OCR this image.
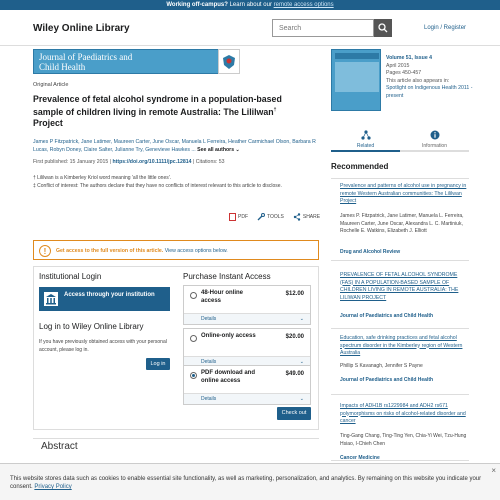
Working off-campus? Learn about our remote access options
Wiley Online Library	Search	Login / Register
Journal of Paediatrics and
Child Health
Original Article
Prevalence of fetal alcohol syndrome in a population-based sample of children living in remote Australia: The Lililwan† Project
James P Fitzpatrick, Jane Latimer, Maureen Carter, June Oscar, Manuela L Ferreira, Heather Carmichael Olson, Barbara R Lucas, Robyn Doney, Claire Salter, Julianne Try, Genevieve Hawkes ... See all authors ⌄
First published: 15 January 2015 | https://doi.org/10.1111/jpc.12814 | Citations: 53
† Lililwan is a Kimberley Kriol word meaning 'all the little ones'.
‡ Conflict of interest: The authors declare that they have no conflicts of interest relevant to this article to disclose.
PDF	TOOLS	SHARE
!	Get access to the full version of this article. View access options below.
Institutional Login
Access through your institution
Log in to Wiley Online Library
If you have previously obtained access with your personal account, please log in.
Log in
Purchase Instant Access
48-Hour online access
$12.00
Details	⌄
Online-only access	$20.00
Details	⌄
PDF download and online access
$49.00
Details	⌄
Check out
Abstract
Volume 51, Issue 4
April 2015
Pages 450-457
This article also appears in:
Spotlight on Indigenous Health 2011 - present
Related	Information
Recommended
Prevalence and patterns of alcohol use in pregnancy in remote Western Australian communities: The Lililwan Project
James P. Fitzpatrick, Jane Latimer, Manuela L. Ferreira, Maureen Carter, June Oscar, Alexandra L. C. Martiniuk, Rochelle E. Watkins, Elizabeth J. Elliott
Drug and Alcohol Review
PREVALENCE OF FETAL ALCOHOL SYNDROME (FAS) IN A POPULATION-BASED SAMPLE OF CHILDREN LIVING IN REMOTE AUSTRALIA: THE LILIWAN PROJECT
Journal of Paediatrics and Child Health
Education, safe drinking practices and fetal alcohol spectrum disorder in the Kimberley region of Western Australia
Phillip S Kavanagh, Jennifer S Payne
Journal of Paediatrics and Child Health
Impacts of ADH1B rs1229984 and ADH2 rs671 polymorphisms on risks of alcohol-related disorder and cancer
Ting-Gang Chang, Ting-Ting Yen, Chia-Yi Wei, Tzu-Hung Hsiao, I-Chieh Chen
Cancer Medicine
This website stores data such as cookies to enable essential site functionality, as well as marketing, personalization, and analytics. By remaining on this website you indicate your consent. Privacy Policy
×
